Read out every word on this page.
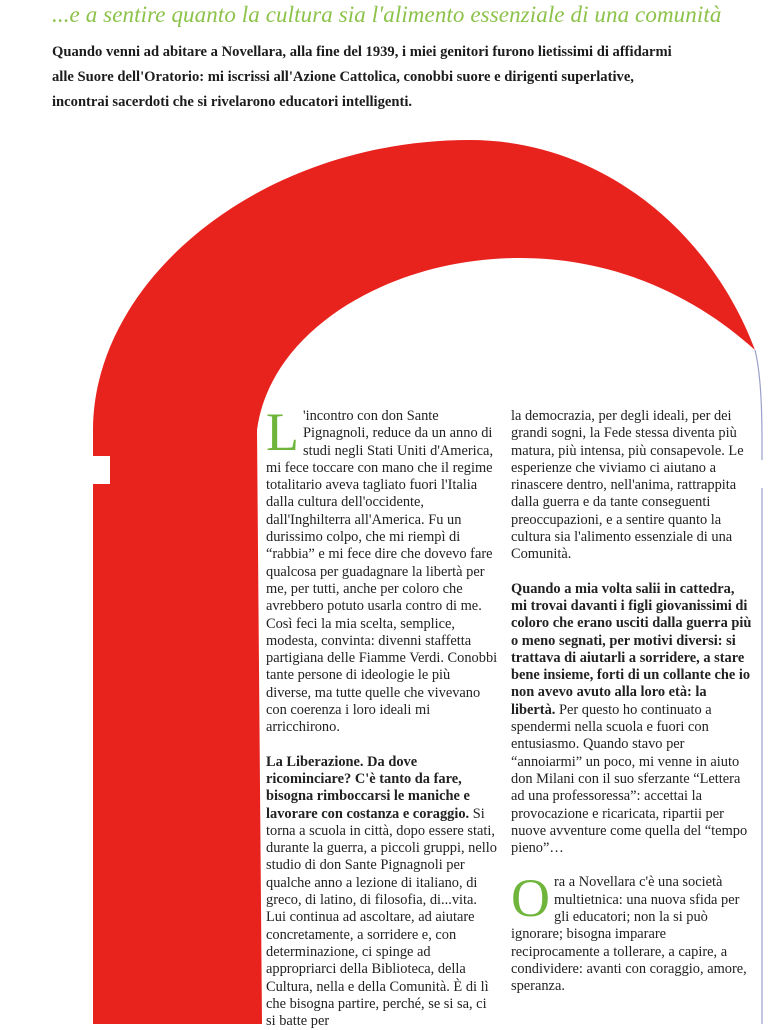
...e a sentire quanto la cultura sia l'alimento essenziale di una comunità
Quando venni ad abitare a Novellara, alla fine del 1939, i miei genitori furono lietissimi di affidarmi
alle Suore dell'Oratorio: mi iscrissi all'Azione Cattolica, conobbi suore e dirigenti superlative,
incontrai sacerdoti che si rivelarono educatori intelligenti.

L 'incontro con don Sante Pignagnoli, reduce da un anno di studi negli Stati Uniti d'America, mi fece toccare con mano che il regime totalitario aveva tagliato fuori l'Italia dalla cultura dell'occidente, dall'Inghilterra all'America. Fu un durissimo colpo, che mi riempì di “rabbia” e mi fece dire che dovevo fare qualcosa per guadagnare la libertà per me, per tutti, anche per coloro che avrebbero potuto usarla contro di me. Così feci la mia scelta, semplice, modesta, convinta: divenni staffetta partigiana delle Fiamme Verdi. Conobbi tante persone di ideologie le più diverse, ma tutte quelle che vivevano con coerenza i loro ideali mi arricchirono.

La Liberazione. Da dove ricominciare? C'è tanto da fare, bisogna rimboccarsi le maniche e lavorare con costanza e coraggio. Si torna a scuola in città, dopo essere stati, durante la guerra, a piccoli gruppi, nello studio di don Sante Pignagnoli per qualche anno a lezione di italiano, di greco, di latino, di filosofia, di...vita. Lui continua ad ascoltare, ad aiutare concretamente, a sorridere e, con determinazione, ci spinge ad appropriarci della Biblioteca, della Cultura, nella e della Comunità. È di lì che bisogna partire, perché, se si sa, ci si batte per

la democrazia, per degli ideali, per dei grandi sogni, la Fede stessa diventa più matura, più intensa, più consapevole. Le esperienze che viviamo ci aiutano a rinascere dentro, nell'anima, rattrappita dalla guerra e da tante conseguenti preoccupazioni, e a sentire quanto la cultura sia l'alimento essenziale di una Comunità.

Quando a mia volta salii in cattedra, mi trovai davanti i figli giovanissimi di coloro che erano usciti dalla guerra più o meno segnati, per motivi diversi: si trattava di aiutarli a sorridere, a stare bene insieme, forti di un collante che io non avevo avuto alla loro età: la libertà. Per questo ho continuato a spendermi nella scuola e fuori con entusiasmo. Quando stavo per “annoiarmi” un poco, mi venne in aiuto don Milani con il suo sferzante “Lettera ad una professoressa”: accettai la provocazione e ricaricata, ripartii per nuove avventure come quella del “tempo pieno”…

O ra a Novellara c'è una società multietnica: una nuova sfida per gli educatori; non la si può ignorare; bisogna imparare reciprocamente a tollerare, a capire, a condividere: avanti con coraggio, amore, speranza.
